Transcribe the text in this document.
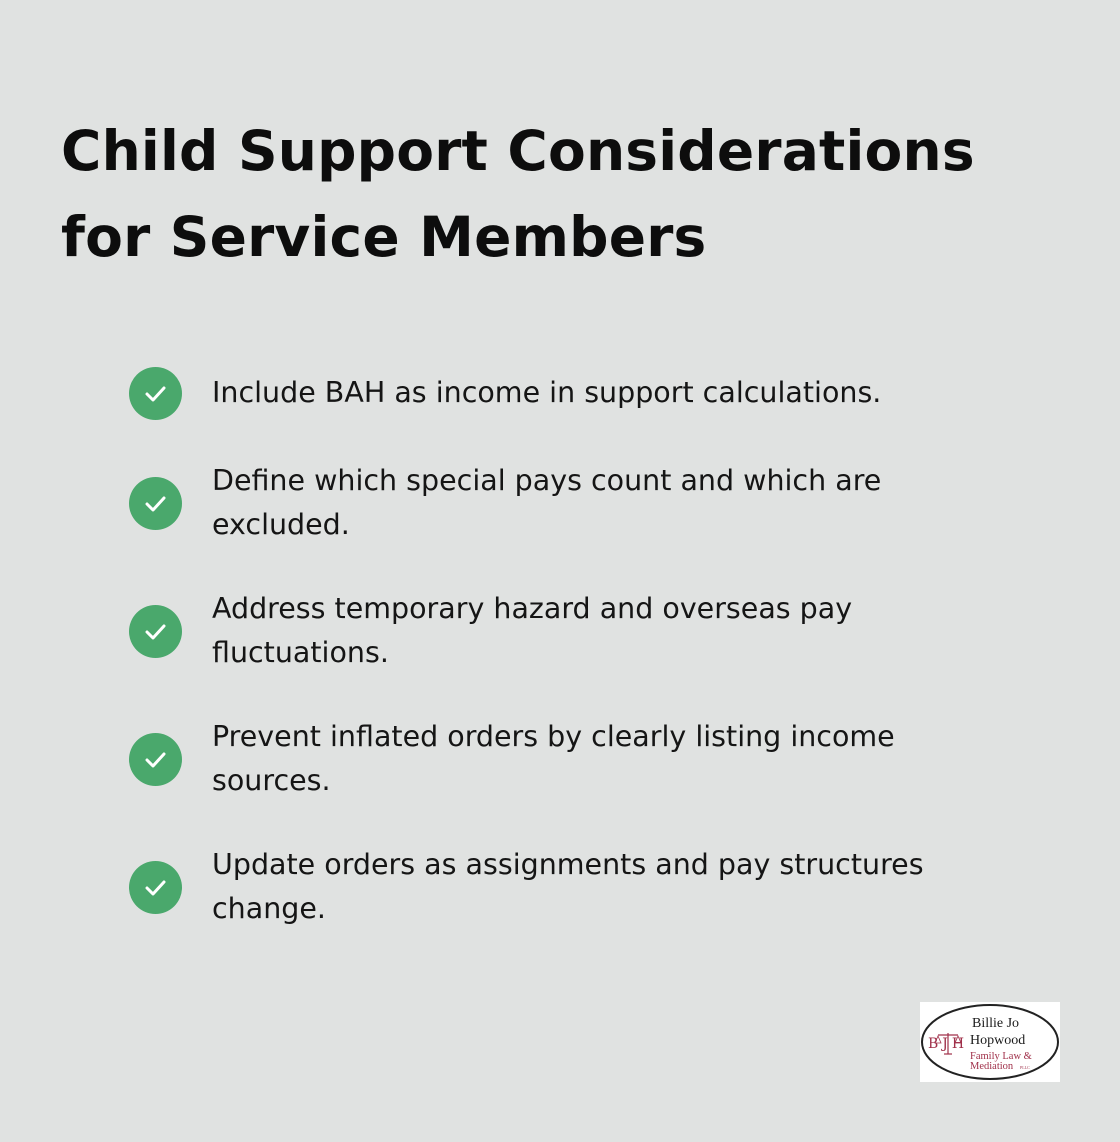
Child Support Considerations
for Service Members
Include BAH as income in support calculations.
Define which special pays count and which are
excluded.
Address temporary hazard and overseas pay
fluctuations.
Prevent inflated orders by clearly listing income
sources.
Update orders as assignments and pay structures
change.
BJH
Billie Jo
Hopwood
Family Law &
Mediation PLLC
